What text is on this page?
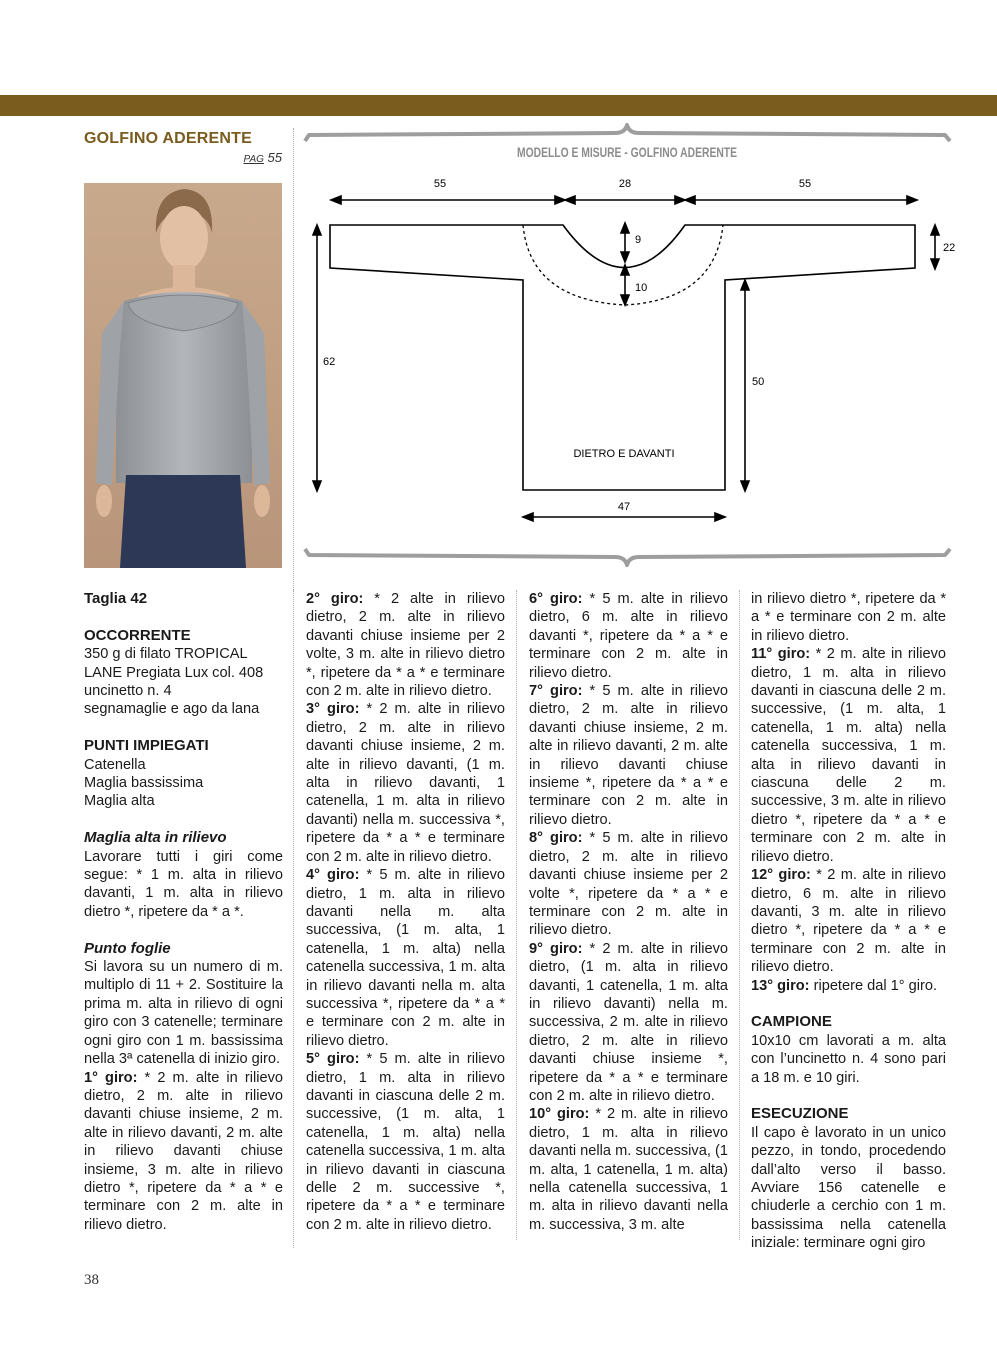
GOLFINO ADERENTE
PAG 55	MODELLO E MISURE - GOLFINO ADERENTE
55	28	55
9
10
22
62
50
DIETRO E DAVANTI
47

Taglia 42

OCCORRENTE

350 g di filato TROPICAL LANE Pregiata Lux col. 408

uncinetto n. 4

segnamaglie e ago da lana

PUNTI IMPIEGATI

Catenella

Maglia bassissima

Maglia alta

Maglia alta in rilievo

Lavorare tutti i giri come segue: * 1 m. alta in rilievo davanti, 1 m. alta in rilievo dietro *, ripetere da * a *.

Punto foglie

Si lavora su un numero di m. multiplo di 11 + 2. Sostituire la prima m. alta in rilievo di ogni giro con 3 catenelle; terminare ogni giro con 1 m. bassissima nella 3ª catenella di inizio giro.

1° giro: * 2 m. alte in rilievo dietro, 2 m. alte in rilievo davanti chiuse insieme, 2 m. alte in rilievo davanti, 2 m. alte in rilievo davanti chiuse insieme, 3 m. alte in rilievo dietro *, ripetere da * a * e terminare con 2 m. alte in rilievo dietro.

2° giro: * 2 alte in rilievo dietro, 2 m. alte in rilievo davanti chiuse insieme per 2 volte, 3 m. alte in rilievo dietro *, ripetere da * a * e terminare con 2 m. alte in rilievo dietro.

3° giro: * 2 m. alte in rilievo dietro, 2 m. alte in rilievo davanti chiuse insieme, 2 m. alte in rilievo davanti, (1 m. alta in rilievo davanti, 1 catenella, 1 m. alta in rilievo davanti) nella m. successiva *, ripetere da * a * e terminare con 2 m. alte in rilievo dietro.

4° giro: * 5 m. alte in rilievo dietro, 1 m. alta in rilievo davanti nella m. alta successiva, (1 m. alta, 1 catenella, 1 m. alta) nella catenella successiva, 1 m. alta in rilievo davanti nella m. alta successiva *, ripetere da * a * e terminare con 2 m. alte in rilievo dietro.

5° giro: * 5 m. alte in rilievo dietro, 1 m. alta in rilievo davanti in ciascuna delle 2 m. successive, (1 m. alta, 1 catenella, 1 m. alta) nella catenella successiva, 1 m. alta in rilievo davanti in ciascuna delle 2 m. successive *, ripetere da * a * e terminare con 2 m. alte in rilievo dietro.

6° giro: * 5 m. alte in rilievo dietro, 6 m. alte in rilievo davanti *, ripetere da * a * e terminare con 2 m. alte in rilievo dietro.

7° giro: * 5 m. alte in rilievo dietro, 2 m. alte in rilievo davanti chiuse insieme, 2 m. alte in rilievo davanti, 2 m. alte in rilievo davanti chiuse insieme *, ripetere da * a * e terminare con 2 m. alte in rilievo dietro.

8° giro: * 5 m. alte in rilievo dietro, 2 m. alte in rilievo davanti chiuse insieme per 2 volte *, ripetere da * a * e terminare con 2 m. alte in rilievo dietro.

9° giro: * 2 m. alte in rilievo dietro, (1 m. alta in rilievo davanti, 1 catenella, 1 m. alta in rilievo davanti) nella m. successiva, 2 m. alte in rilievo dietro, 2 m. alte in rilievo davanti chiuse insieme *, ripetere da * a * e terminare con 2 m. alte in rilievo dietro.

10° giro: * 2 m. alte in rilievo dietro, 1 m. alta in rilievo davanti nella m. successiva, (1 m. alta, 1 catenella, 1 m. alta) nella catenella successiva, 1 m. alta in rilievo davanti nella m. successiva, 3 m. alte

in rilievo dietro *, ripetere da * a * e terminare con 2 m. alte in rilievo dietro.

11° giro: * 2 m. alte in rilievo dietro, 1 m. alta in rilievo davanti in ciascuna delle 2 m. successive, (1 m. alta, 1 catenella, 1 m. alta) nella catenella successiva, 1 m. alta in rilievo davanti in ciascuna delle 2 m. successive, 3 m. alte in rilievo dietro *, ripetere da * a * e terminare con 2 m. alte in rilievo dietro.

12° giro: * 2 m. alte in rilievo dietro, 6 m. alte in rilievo davanti, 3 m. alte in rilievo dietro *, ripetere da * a * e terminare con 2 m. alte in rilievo dietro.

13° giro: ripetere dal 1° giro.

CAMPIONE

10x10 cm lavorati a m. alta con l’uncinetto n. 4 sono pari a 18 m. e 10 giri.

ESECUZIONE

Il capo è lavorato in un unico pezzo, in tondo, procedendo dall’alto verso il basso. Avviare 156 catenelle e chiuderle a cerchio con 1 m. bassissima nella catenella iniziale: terminare ogni giro

38
